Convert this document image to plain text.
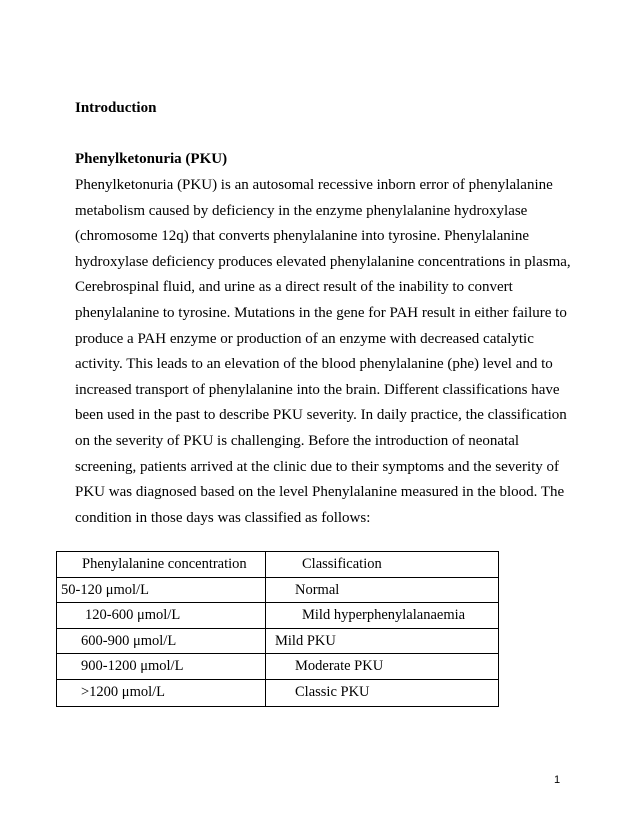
Introduction
Phenylketonuria (PKU)
Phenylketonuria (PKU) is an autosomal recessive inborn error of phenylalanine
metabolism caused by deficiency in the enzyme phenylalanine hydroxylase
(chromosome 12q) that converts phenylalanine into tyrosine. Phenylalanine
hydroxylase deficiency produces elevated phenylalanine concentrations in plasma,
Cerebrospinal fluid, and urine as a direct result of the inability to convert
phenylalanine to tyrosine. Mutations in the gene for PAH result in either failure to
produce a PAH enzyme or production of an enzyme with decreased catalytic
activity. This leads to an elevation of the blood phenylalanine (phe) level and to
increased transport of phenylalanine into the brain. Different classifications have
been used in the past to describe PKU severity. In daily practice, the classification
on the severity of PKU is challenging. Before the introduction of neonatal
screening, patients arrived at the clinic due to their symptoms and the severity of
PKU was diagnosed based on the level Phenylalanine measured in the blood. The
condition in those days was classified as follows:
Phenylalanine concentration	Classification
50-120 μmol/L	Normal
120-600 μmol/L	Mild hyperphenylalanaemia
600-900 μmol/L	Mild PKU
900-1200 μmol/L	Moderate PKU
>1200 μmol/L	Classic PKU
1
